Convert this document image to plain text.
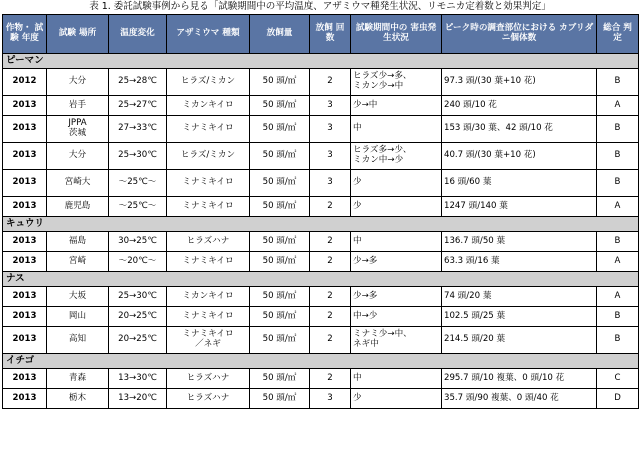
表 1. 委託試験事例から見る「試験期間中の平均温度、アザミウマ種発生状況、リモニカ定着数と効果判定」
作物・ 試験 年度	試験 場所	温度変化	アザミウマ 種類	放飼量	放飼 回数	試験期間中の 害虫発生状況	ピーク時の調査部位における カブリダニ個体数	総合 判定
ピーマン								
2012	大分	25→28℃	ヒラズ/ミカン	50 頭/㎡	2	ヒラズ少→多、
ミカン少→中	97.3 頭/(30 葉+10 花)	B
2013	岩手	25→27℃	ミカンキイロ	50 頭/㎡	3	少→中	240 頭/10 花	A
2013	JPPA
茨城	27→33℃	ミナミキイロ	50 頭/㎡	3	中	153 頭/30 葉、42 頭/10 花	B
2013	大分	25→30℃	ヒラズ/ミカン	50 頭/㎡	3	ヒラズ多→少、
ミカン中→少	40.7 頭/(30 葉+10 花)	B
2013	宮崎大	～25℃～	ミナミキイロ	50 頭/㎡	3	少	16 頭/60 葉	B
2013	鹿児島	～25℃～	ミナミキイロ	50 頭/㎡	2	少	1247 頭/140 葉	A
キュウリ								
2013	福島	30→25℃	ヒラズハナ	50 頭/㎡	2	中	136.7 頭/50 葉	B
2013	宮崎	～20℃～	ミナミキイロ	50 頭/㎡	2	少→多	63.3 頭/16 葉	A
ナス								
2013	大坂	25→30℃	ミカンキイロ	50 頭/㎡	2	少→多	74 頭/20 葉	A
2013	岡山	20→25℃	ミナミキイロ	50 頭/㎡	2	中→少	102.5 頭/25 葉	B
2013	高知	20→25℃	ミナミキイロ
／ネギ	50 頭/㎡	2	ミナミ少→中、
ネギ中	214.5 頭/20 葉	B
イチゴ								
2013	青森	13→30℃	ヒラズハナ	50 頭/㎡	2	中	295.7 頭/10 複葉、0 頭/10 花	C
2013	栃木	13→20℃	ヒラズハナ	50 頭/㎡	3	少	35.7 頭/90 複葉、0 頭/40 花	D
